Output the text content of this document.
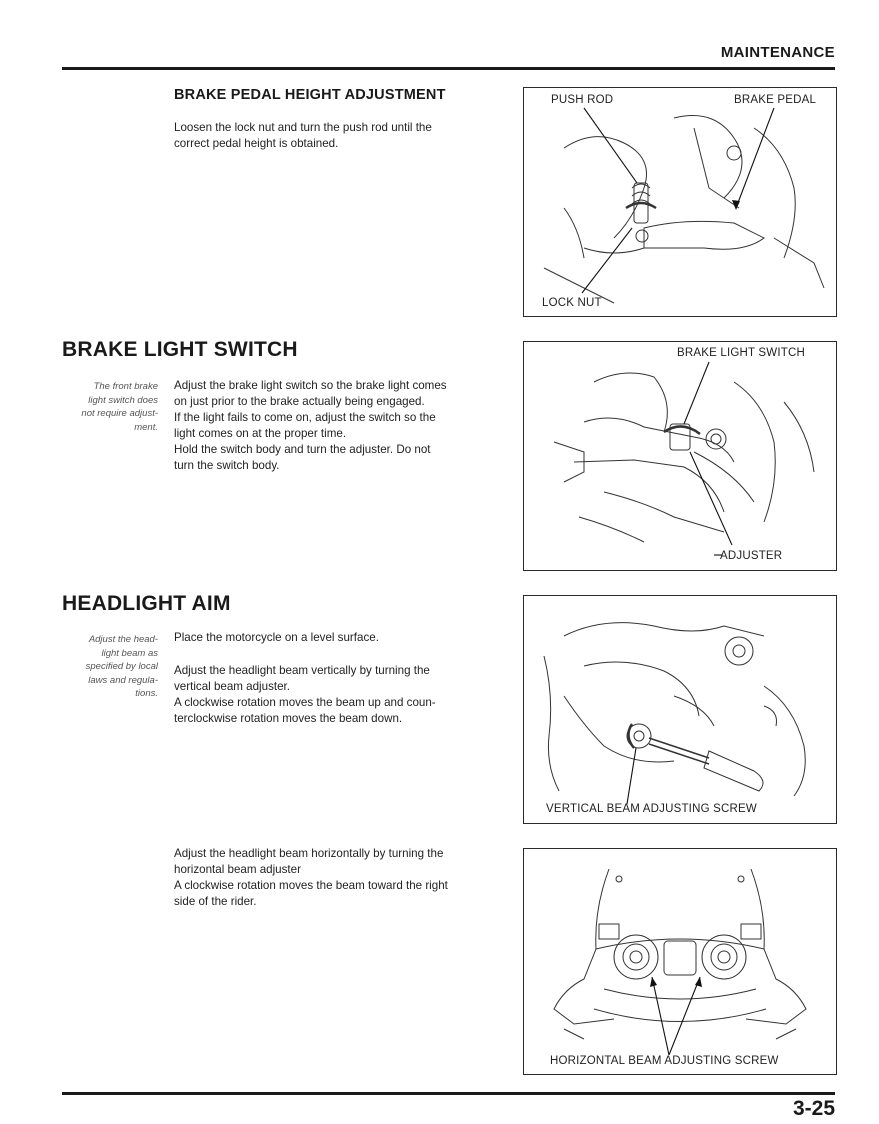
MAINTENANCE
BRAKE PEDAL HEIGHT ADJUSTMENT

Loosen the lock nut and turn the push rod until the

correct pedal height is obtained.

PUSH ROD	BRAKE PEDAL
LOCK NUT
BRAKE LIGHT SWITCH
The front brake
light switch does
not require adjust-
ment.

Adjust the brake light switch so the brake light comes

on just prior to the brake actually being engaged.

If the light fails to come on, adjust the switch so the

light comes on at the proper time.

Hold the switch body and turn the adjuster. Do not

turn the switch body.

BRAKE LIGHT SWITCH
ADJUSTER
HEADLIGHT AIM
Adjust the head-
light beam as
specified by local
laws and regula-
tions.
Place the motorcycle on a level surface.

Adjust the headlight beam vertically by turning the

vertical beam adjuster.

A clockwise rotation moves the beam up and coun-

terclockwise rotation moves the beam down.

VERTICAL BEAM ADJUSTING SCREW

Adjust the headlight beam horizontally by turning the

horizontal beam adjuster

A clockwise rotation moves the beam toward the right

side of the rider.

HORIZONTAL BEAM ADJUSTING SCREW
3-25
